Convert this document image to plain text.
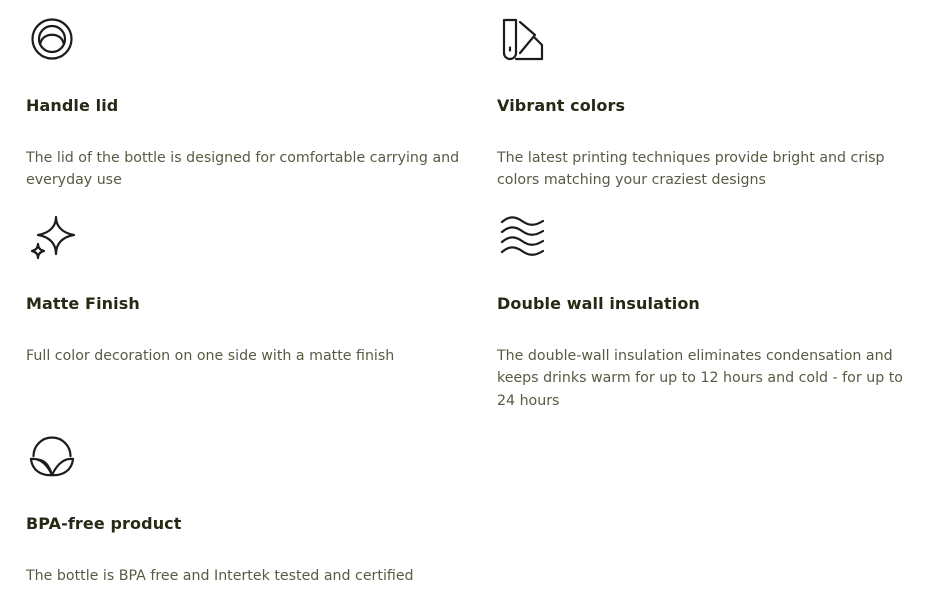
Handle lid

The lid of the bottle is designed for comfortable carrying and everyday use

Vibrant colors

The latest printing techniques provide bright and crisp colors matching your craziest designs

Matte Finish

Full color decoration on one side with a matte finish

Double wall insulation

The double-wall insulation eliminates condensation and keeps drinks warm for up to 12 hours and cold - for up to 24 hours

BPA-free product

The bottle is BPA free and Intertek tested and certified
